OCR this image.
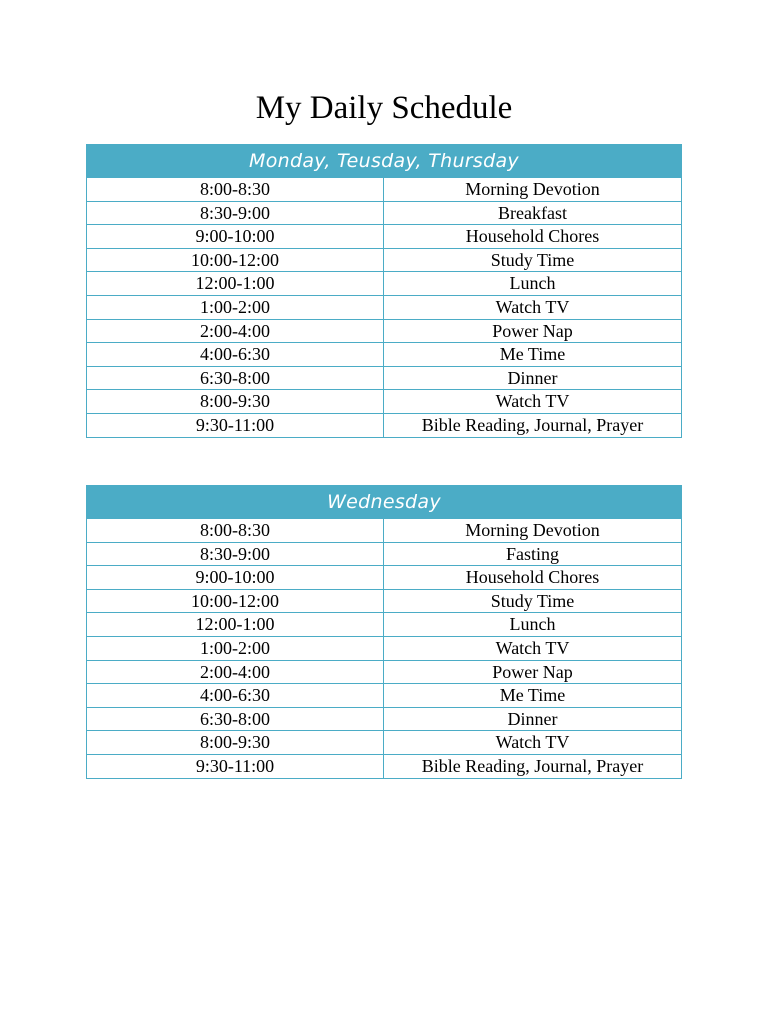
My Daily Schedule
Monday, Teusday, Thursday
8:00-8:30	Morning Devotion
8:30-9:00	Breakfast
9:00-10:00	Household Chores
10:00-12:00	Study Time
12:00-1:00	Lunch
1:00-2:00	Watch TV
2:00-4:00	Power Nap
4:00-6:30	Me Time
6:30-8:00	Dinner
8:00-9:30	Watch TV
9:30-11:00	Bible Reading, Journal, Prayer
Wednesday
8:00-8:30	Morning Devotion
8:30-9:00	Fasting
9:00-10:00	Household Chores
10:00-12:00	Study Time
12:00-1:00	Lunch
1:00-2:00	Watch TV
2:00-4:00	Power Nap
4:00-6:30	Me Time
6:30-8:00	Dinner
8:00-9:30	Watch TV
9:30-11:00	Bible Reading, Journal, Prayer
